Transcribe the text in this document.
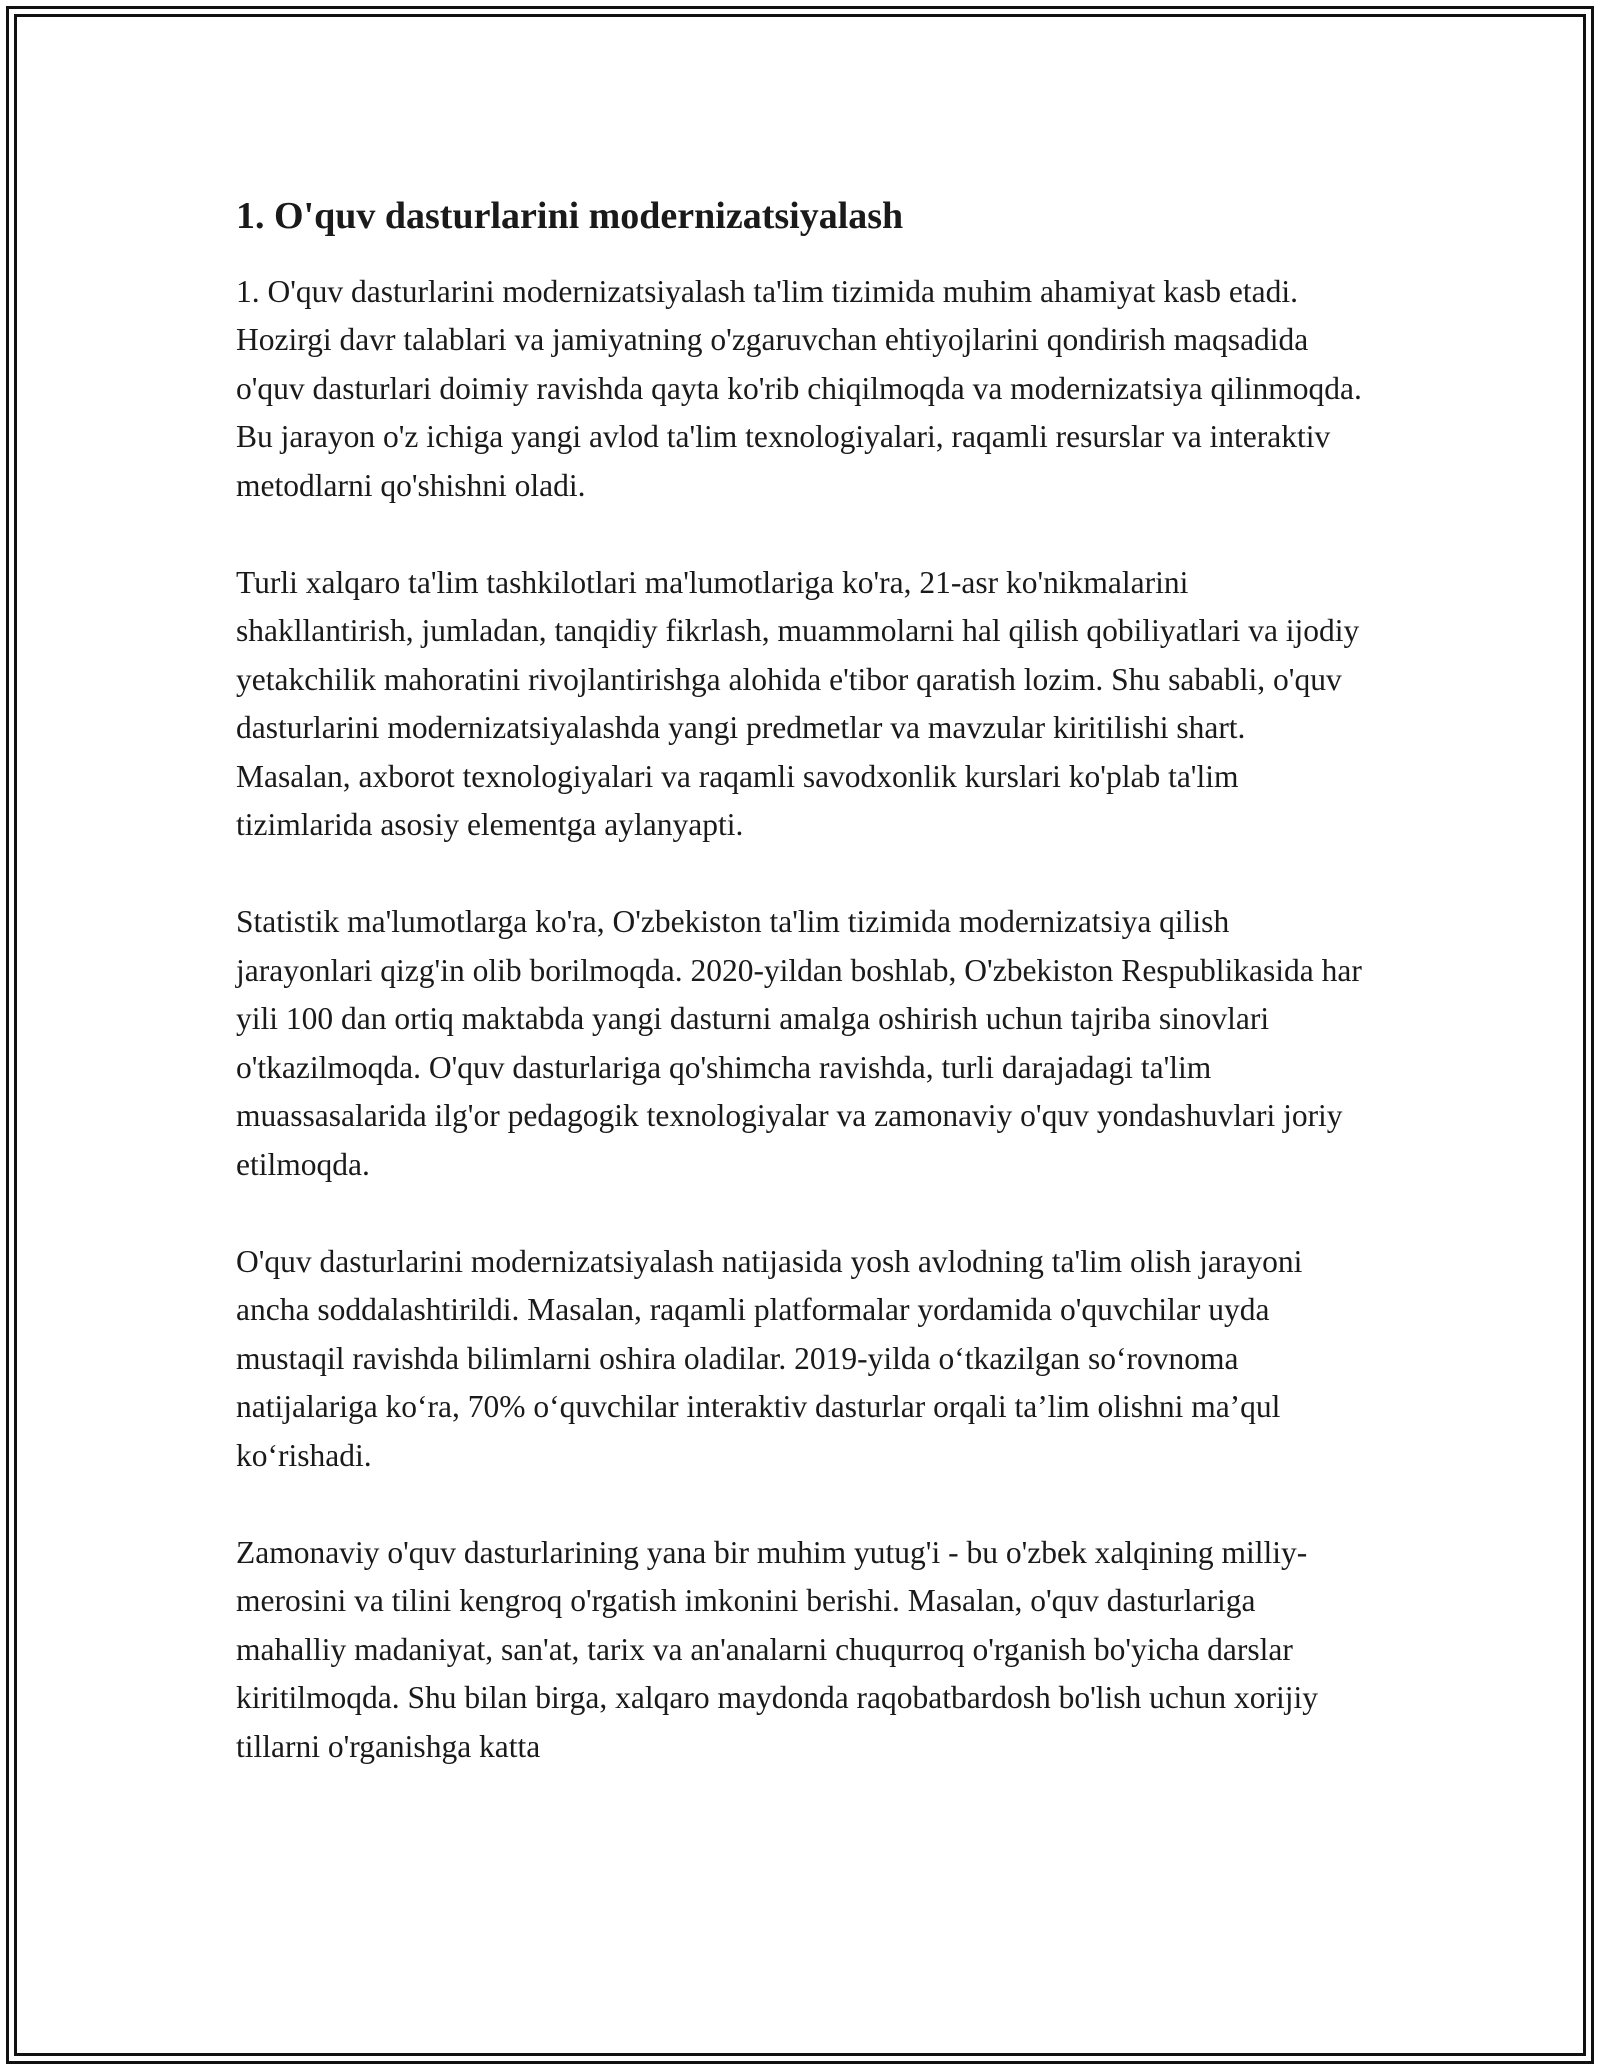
1. O'quv dasturlarini modernizatsiyalash

1. O'quv dasturlarini modernizatsiyalash ta'lim tizimida muhim ahamiyat kasb etadi. Hozirgi davr talablari va jamiyatning o'zgaruvchan ehtiyojlarini qondirish maqsadida o'quv dasturlari doimiy ravishda qayta ko'rib chiqilmoqda va modernizatsiya qilinmoqda. Bu jarayon o'z ichiga yangi avlod ta'lim texnologiyalari, raqamli resurslar va interaktiv metodlarni qo'shishni oladi.

Turli xalqaro ta'lim tashkilotlari ma'lumotlariga ko'ra, 21-asr ko'nikmalarini shakllantirish, jumladan, tanqidiy fikrlash, muammolarni hal qilish qobiliyatlari va ijodiy yetakchilik mahoratini rivojlantirishga alohida e'tibor qaratish lozim. Shu sababli, o'quv dasturlarini modernizatsiyalashda yangi predmetlar va mavzular kiritilishi shart. Masalan, axborot texnologiyalari va raqamli savodxonlik kurslari ko'plab ta'lim tizimlarida asosiy elementga aylanyapti.

Statistik ma'lumotlarga ko'ra, O'zbekiston ta'lim tizimida modernizatsiya qilish jarayonlari qizg'in olib borilmoqda. 2020-yildan boshlab, O'zbekiston Respublikasida har yili 100 dan ortiq maktabda yangi dasturni amalga oshirish uchun tajriba sinovlari o'tkazilmoqda. O'quv dasturlariga qo'shimcha ravishda, turli darajadagi ta'lim muassasalarida ilg'or pedagogik texnologiyalar va zamonaviy o'quv yondashuvlari joriy etilmoqda.

O'quv dasturlarini modernizatsiyalash natijasida yosh avlodning ta'lim olish jarayoni ancha soddalashtirildi. Masalan, raqamli platformalar yordamida o'quvchilar uyda mustaqil ravishda bilimlarni oshira oladilar. 2019-yilda oʻtkazilgan soʻrovnoma natijalariga koʻra, 70% oʻquvchilar interaktiv dasturlar orqali taʼlim olishni maʼqul koʻrishadi.

Zamonaviy o'quv dasturlarining yana bir muhim yutug'i - bu o'zbek xalqining milliy-merosini va tilini kengroq o'rgatish imkonini berishi. Masalan, o'quv dasturlariga mahalliy madaniyat, san'at, tarix va an'analarni chuqurroq o'rganish bo'yicha darslar kiritilmoqda. Shu bilan birga, xalqaro maydonda raqobatbardosh bo'lish uchun xorijiy tillarni o'rganishga katta
